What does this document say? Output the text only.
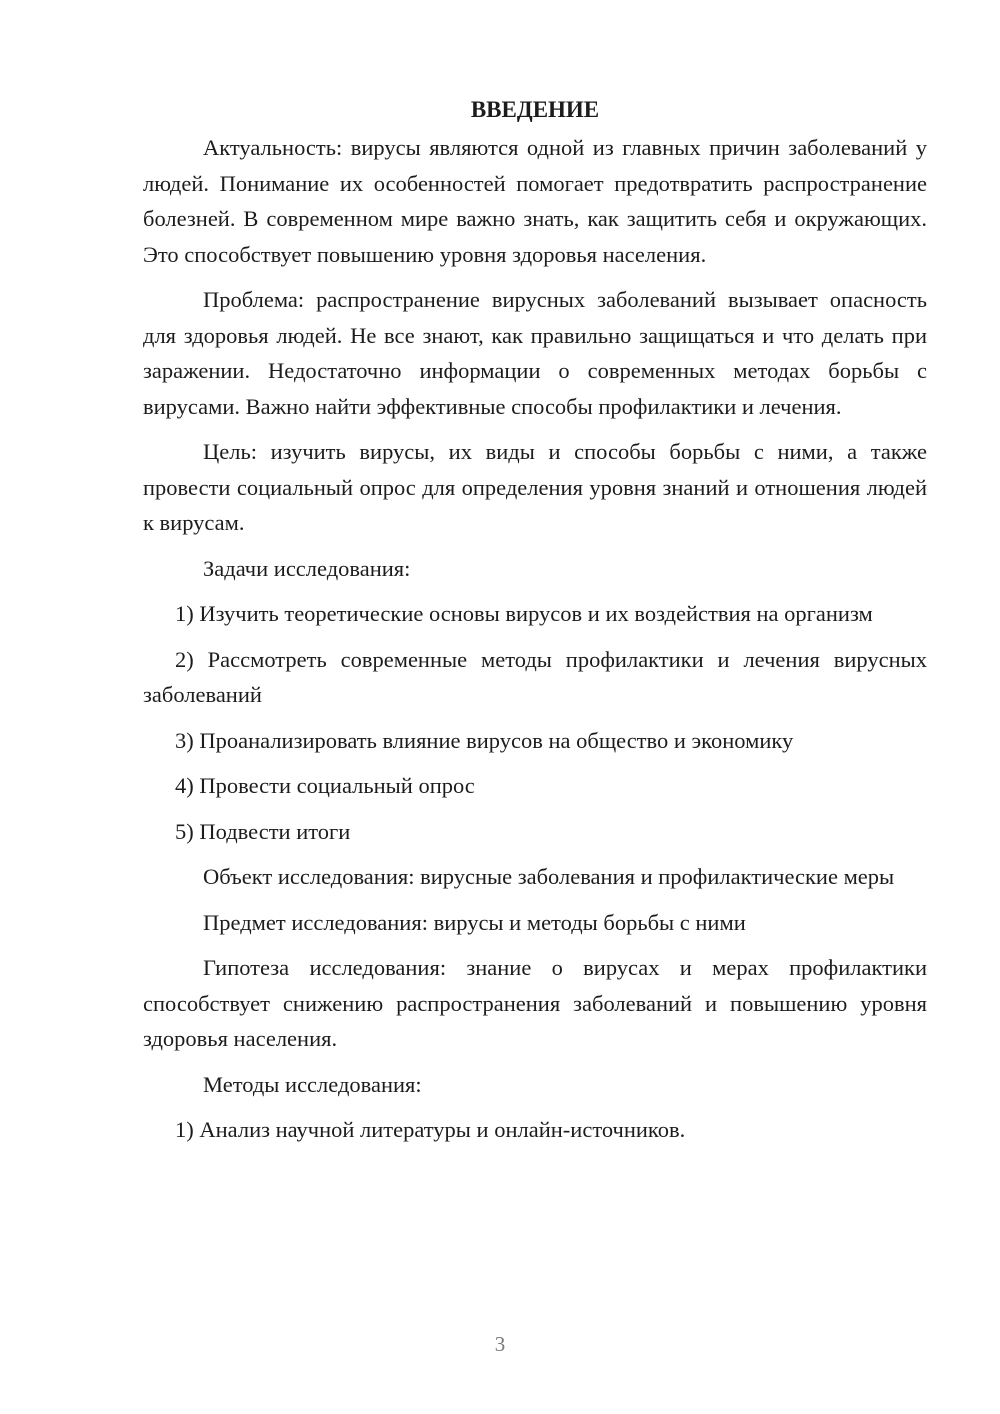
ВВЕДЕНИЕ

Актуальность: вирусы являются одной из главных причин заболеваний у людей. Понимание их особенностей помогает предотвратить распространение болезней. В современном мире важно знать, как защитить себя и окружающих. Это способствует повышению уровня здоровья населения.

Проблема: распространение вирусных заболеваний вызывает опасность для здоровья людей. Не все знают, как правильно защищаться и что делать при заражении. Недостаточно информации о современных методах борьбы с вирусами. Важно найти эффективные способы профилактики и лечения.

Цель: изучить вирусы, их виды и способы борьбы с ними, а также провести социальный опрос для определения уровня знаний и отношения людей к вирусам.

Задачи исследования:

1) Изучить теоретические основы вирусов и их воздействия на организм

2) Рассмотреть современные методы профилактики и лечения вирусных заболеваний

3) Проанализировать влияние вирусов на общество и экономику

4) Провести социальный опрос

5) Подвести итоги

Объект исследования: вирусные заболевания и профилактические меры

Предмет исследования: вирусы и методы борьбы с ними

Гипотеза исследования: знание о вирусах и мерах профилактики способствует снижению распространения заболеваний и повышению уровня здоровья населения.

Методы исследования:

1) Анализ научной литературы и онлайн-источников.

3
